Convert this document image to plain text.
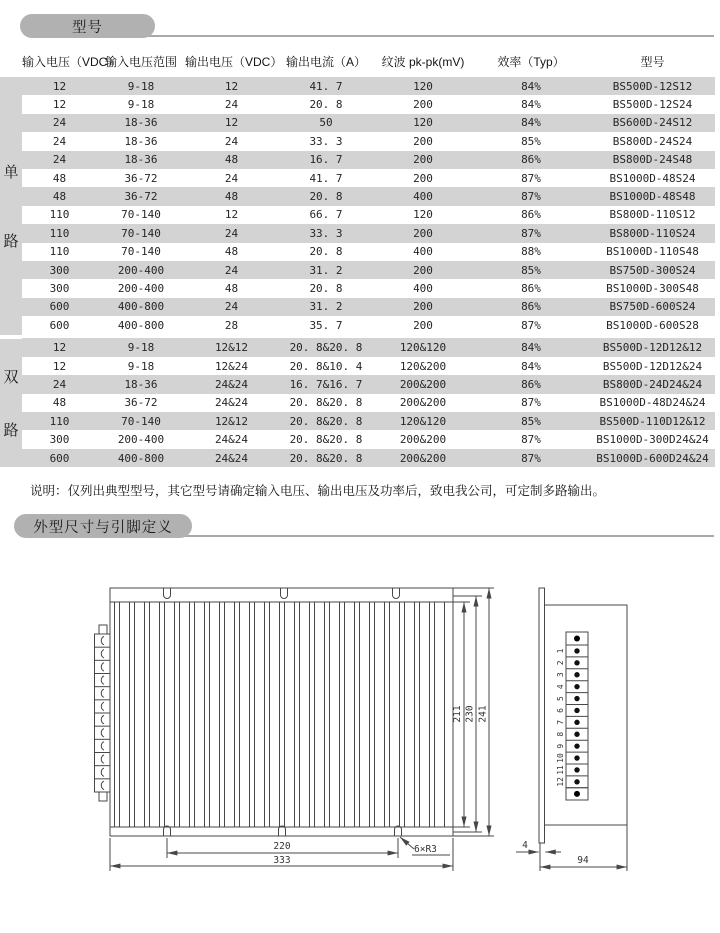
型号
单
路
双
路
输入电压（VDC）	输入电压范围	输出电压（VDC）	输出电流（A）	纹波 pk-pk(mV)	效率（Typ）	型号
12	9-18	12	41. 7	120	84%	BS500D-12S12
12	9-18	24	20. 8	200	84%	BS500D-12S24
24	18-36	12	50	120	84%	BS600D-24S12
24	18-36	24	33. 3	200	85%	BS800D-24S24
24	18-36	48	16. 7	200	86%	BS800D-24S48
48	36-72	24	41. 7	200	87%	BS1000D-48S24
48	36-72	48	20. 8	400	87%	BS1000D-48S48
110	70-140	12	66. 7	120	86%	BS800D-110S12
110	70-140	24	33. 3	200	87%	BS800D-110S24
110	70-140	48	20. 8	400	88%	BS1000D-110S48
300	200-400	24	31. 2	200	85%	BS750D-300S24
300	200-400	48	20. 8	400	86%	BS1000D-300S48
600	400-800	24	31. 2	200	86%	BS750D-600S24
600	400-800	28	35. 7	200	87%	BS1000D-600S28

12	9-18	12&12	20. 8&20. 8	120&120	84%	BS500D-12D12&12
12	9-18	12&24	20. 8&10. 4	120&200	84%	BS500D-12D12&24
24	18-36	24&24	16. 7&16. 7	200&200	86%	BS800D-24D24&24
48	36-72	24&24	20. 8&20. 8	200&200	87%	BS1000D-48D24&24
110	70-140	12&12	20. 8&20. 8	120&120	85%	BS500D-110D12&12
300	200-400	24&24	20. 8&20. 8	200&200	87%	BS1000D-300D24&24
600	400-800	24&24	20. 8&20. 8	200&200	87%	BS1000D-600D24&24

说明：仅列出典型型号，其它型号请确定输入电压、输出电压及功率后，致电我公司，可定制多路输出。

外型尺寸与引脚定义
211 230 241
220
333
6×R3
94
4
1
2
3
4
5
6
7
8
9
10
11
12
